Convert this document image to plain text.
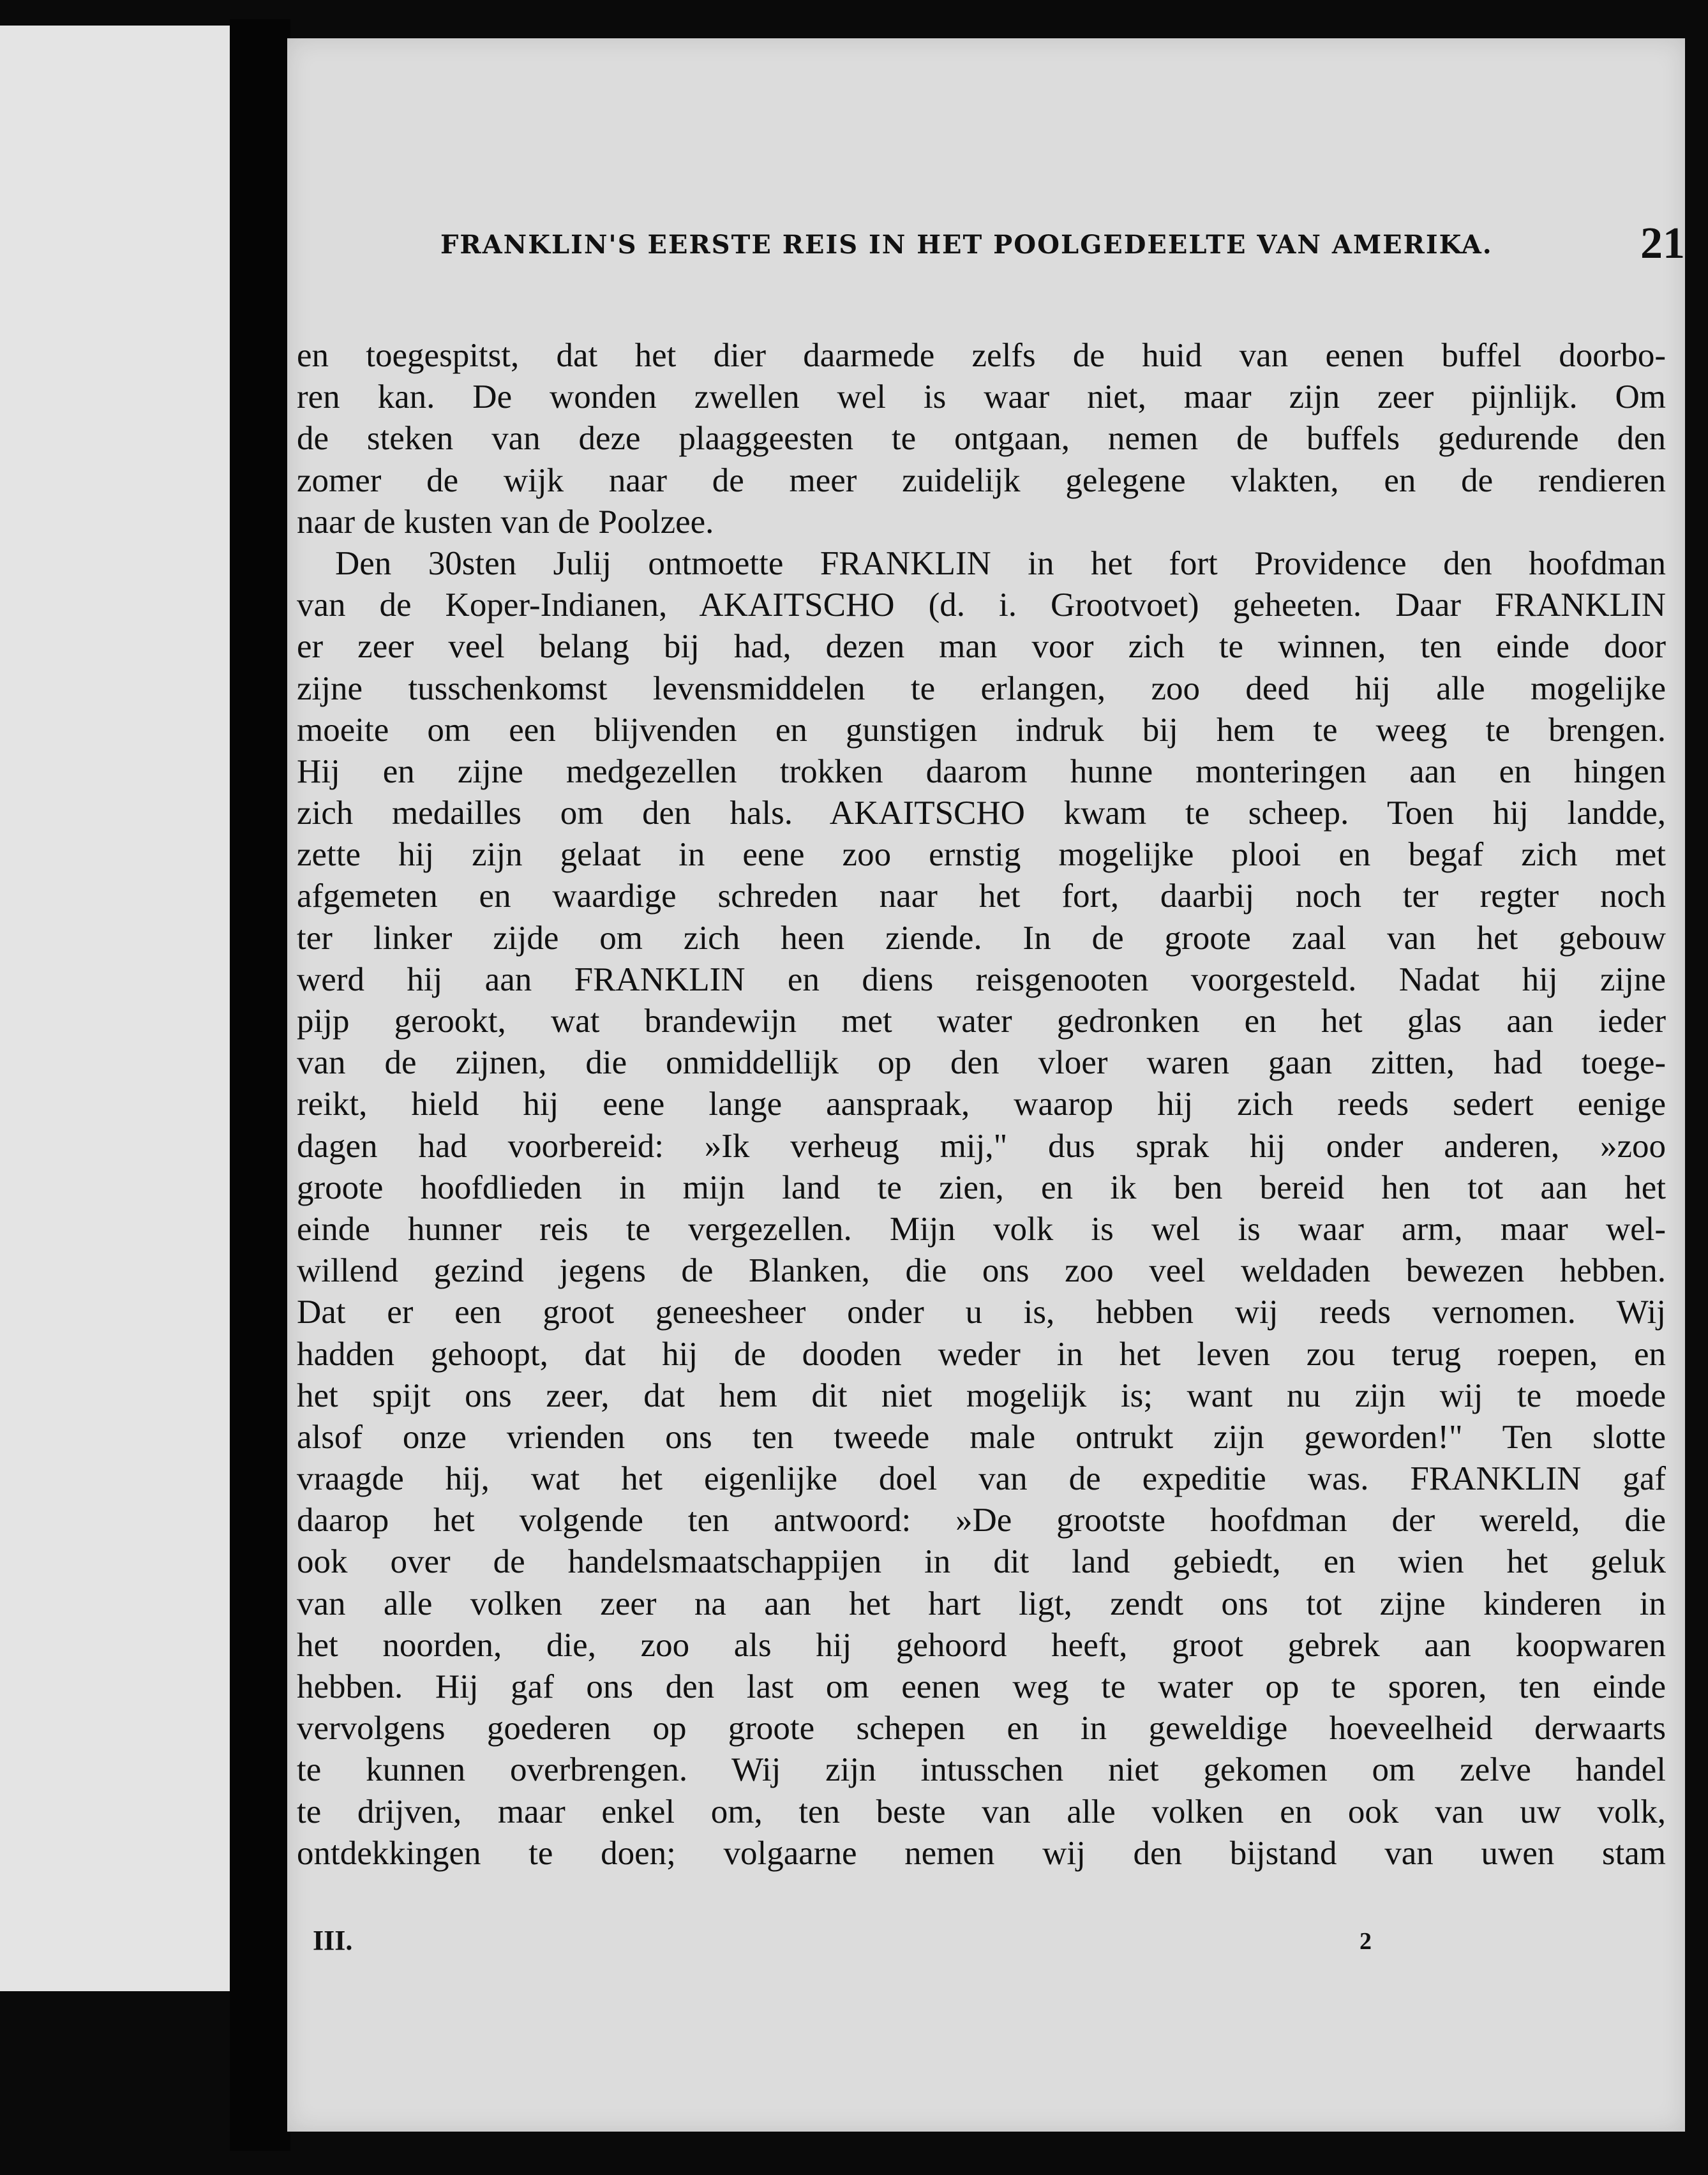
FRANKLIN'S EERSTE REIS IN HET POOLGEDEELTE VAN AMERIKA.	21
en toegespitst, dat het dier daarmede zelfs de huid van eenen buffel doorbo-
ren kan. De wonden zwellen wel is waar niet, maar zijn zeer pijnlijk. Om
de steken van deze plaaggeesten te ontgaan, nemen de buffels gedurende den
zomer de wijk naar de meer zuidelijk gelegene vlakten, en de rendieren
naar de kusten van de Poolzee.
Den 30sten Julij ontmoette FRANKLIN in het fort Providence den hoofdman
van de Koper-Indianen, AKAITSCHO (d. i. Grootvoet) geheeten. Daar FRANKLIN
er zeer veel belang bij had, dezen man voor zich te winnen, ten einde door
zijne tusschenkomst levensmiddelen te erlangen, zoo deed hij alle mogelijke
moeite om een blijvenden en gunstigen indruk bij hem te weeg te brengen.
Hij en zijne medgezellen trokken daarom hunne monteringen aan en hingen
zich medailles om den hals. AKAITSCHO kwam te scheep. Toen hij landde,
zette hij zijn gelaat in eene zoo ernstig mogelijke plooi en begaf zich met
afgemeten en waardige schreden naar het fort, daarbij noch ter regter noch
ter linker zijde om zich heen ziende. In de groote zaal van het gebouw
werd hij aan FRANKLIN en diens reisgenooten voorgesteld. Nadat hij zijne
pijp gerookt, wat brandewijn met water gedronken en het glas aan ieder
van de zijnen, die onmiddellijk op den vloer waren gaan zitten, had toege-
reikt, hield hij eene lange aanspraak, waarop hij zich reeds sedert eenige
dagen had voorbereid: »Ik verheug mij," dus sprak hij onder anderen, »zoo
groote hoofdlieden in mijn land te zien, en ik ben bereid hen tot aan het
einde hunner reis te vergezellen. Mijn volk is wel is waar arm, maar wel-
willend gezind jegens de Blanken, die ons zoo veel weldaden bewezen hebben.
Dat er een groot geneesheer onder u is, hebben wij reeds vernomen. Wij
hadden gehoopt, dat hij de dooden weder in het leven zou terug roepen, en
het spijt ons zeer, dat hem dit niet mogelijk is; want nu zijn wij te moede
alsof onze vrienden ons ten tweede male ontrukt zijn geworden!" Ten slotte
vraagde hij, wat het eigenlijke doel van de expeditie was. FRANKLIN gaf
daarop het volgende ten antwoord: »De grootste hoofdman der wereld, die
ook over de handelsmaatschappijen in dit land gebiedt, en wien het geluk
van alle volken zeer na aan het hart ligt, zendt ons tot zijne kinderen in
het noorden, die, zoo als hij gehoord heeft, groot gebrek aan koopwaren
hebben. Hij gaf ons den last om eenen weg te water op te sporen, ten einde
vervolgens goederen op groote schepen en in geweldige hoeveelheid derwaarts
te kunnen overbrengen. Wij zijn intusschen niet gekomen om zelve handel
te drijven, maar enkel om, ten beste van alle volken en ook van uw volk,
ontdekkingen te doen; volgaarne nemen wij den bijstand van uwen stam
III.	2
